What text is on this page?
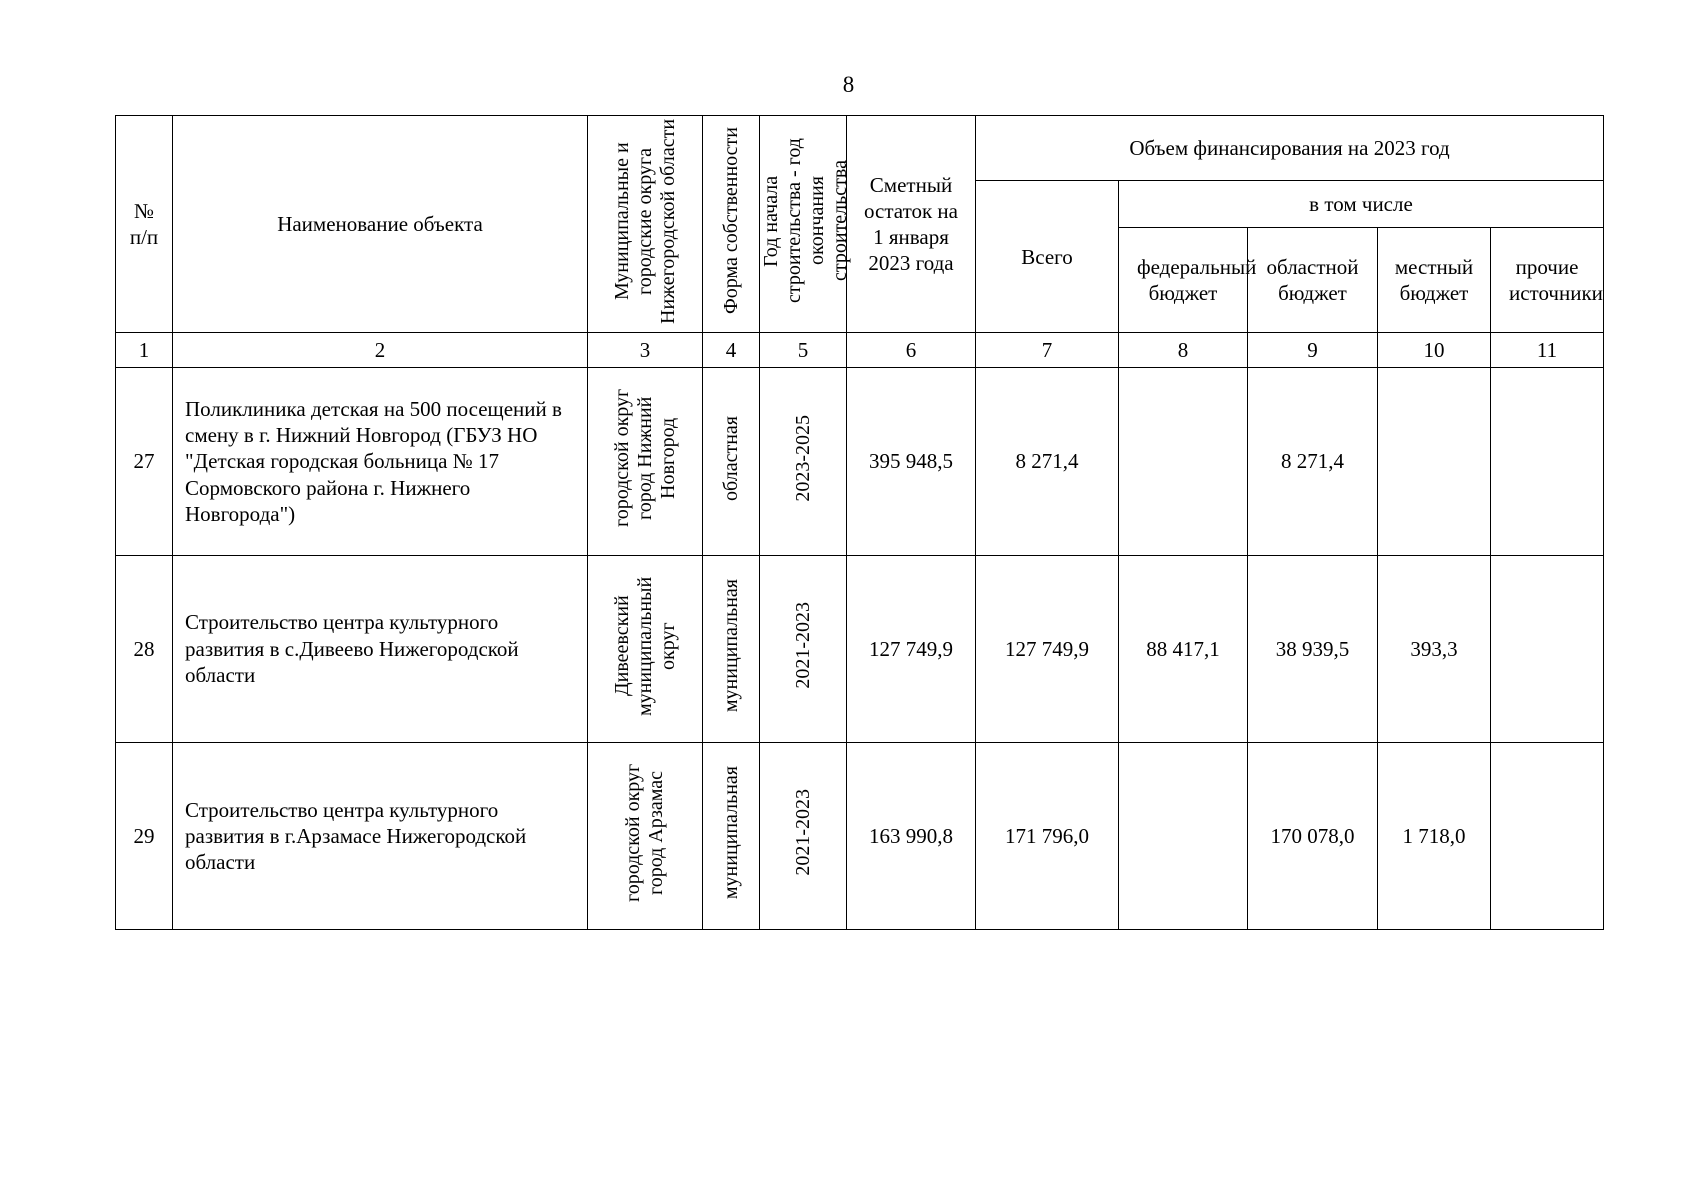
8
№ п/п	Наименование объекта	Муниципальные и городские округа Нижегородской области	Форма собственности	Год начала строительства - год окончания строительства	Сметный остаток на 1 января 2023 года	Объем финансирования на 2023 год				
						Всего	в том числе			
							федеральный бюджет	областной бюджет	местный бюджет	прочие источники
1	2	3	4	5	6	7	8	9	10	11
27	Поликлиника детская на 500 посещений в смену в г. Нижний Новгород (ГБУЗ НО "Детская городская больница № 17 Сормовского района г. Нижнего Новгорода")	городской округ город Нижний Новгород	областная	2023-2025	395 948,5	8 271,4		8 271,4		
28	Строительство центра культурного развития в с.Дивеево Нижегородской области	Дивеевский муниципальный округ	муниципальная	2021-2023	127 749,9	127 749,9	88 417,1	38 939,5	393,3	
29	Строительство центра культурного развития в г.Арзамасе Нижегородской области	городской округ город Арзамас	муниципальная	2021-2023	163 990,8	171 796,0		170 078,0	1 718,0	
